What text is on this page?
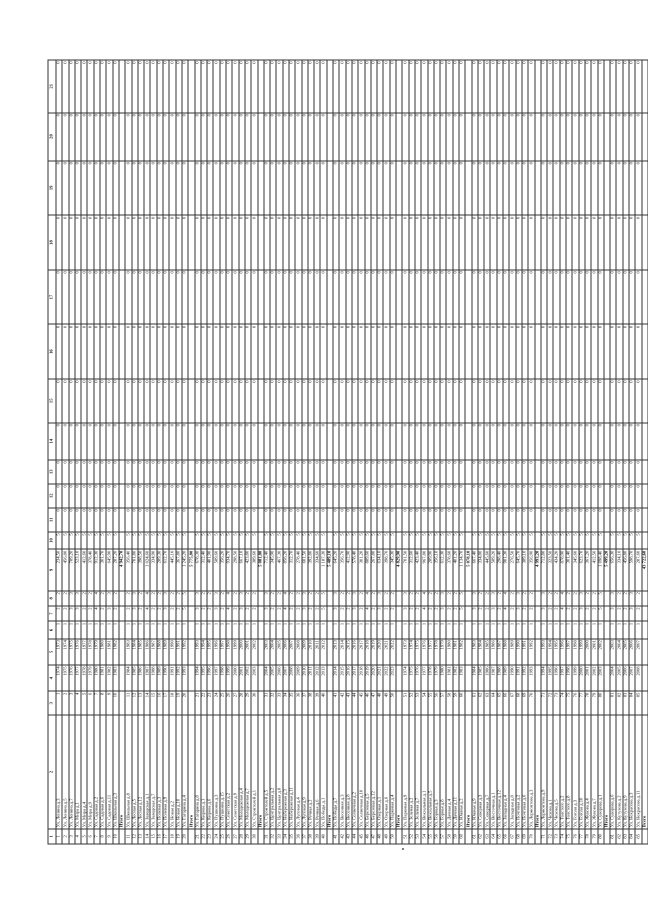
1	2	3	4	5	6	7	8	9	10	11	12	13	14	15	16	17	18	19	20	21
1	Ул. Ленина д.3	1	1974	1973	1	2	2	234,50	5	0	0	0	0	0	0	0	0	0	0	0
2	Ул. Ленина д.5	2	1975	1974	1	2	2	456,80	5	0	0	0	0	0	0	0	0	0	0	0
3	Ул. Ленина д.7	3	1976	1975	1	3	3	789,20	5	0	0	0	0	0	0	0	0	0	0	0
4	Ул. Мира д.1	4	1977	1976	1	3	3	523,10	5	0	0	0	0	0	0	0	0	0	0	0
5	Ул. Мира д.4	5	1978	1977	1	2	2	412,60	5	0	0	0	0	0	0	0	0	0	0	0
6	Ул. Мира д.9	6	1979	1978	1	2	2	378,40	5	0	0	0	0	0	0	0	0	0	0	0
7	Ул. Садовая д.2	7	1980	1979	1	4	4	912,30	5	0	0	0	0	0	0	0	0	0	0	0
8	Ул. Садовая д.6	8	1981	1980	1	2	2	301,70	5	0	0	0	0	0	0	0	0	0	0	0
9	Ул. Садовая д.11	9	1982	1981	1	3	3	645,90	5	0	0	0	0	0	0	0	0	0	0	0
10	Ул. Школьная д.3	10	1983	1982	1	2	2	287,20	5	0	0	0	0	0	0	0	0	0	0	0
	Итого							4 942,70												
11	Ул. Школьная д.8	11	1984	1983	1	2	2	356,40	5	0	0	0	0	0	0	0	0	0	0	0
12	Ул. Лесная д.5	12	1985	1984	1	3	3	701,80	5	0	0	0	0	0	0	0	0	0	0	0
13	Ул. Лесная д.12	13	1986	1985	1	2	2	398,50	5	0	0	0	0	0	0	0	0	0	0	0
14	Ул. Заводская д.1	14	1987	1986	1	4	4	1 024,60	5	0	0	0	0	0	0	0	0	0	0	0
15	Ул. Заводская д.7	15	1988	1987	1	2	2	334,90	5	0	0	0	0	0	0	0	0	0	0	0
16	Ул. Полевая д.3	16	1989	1988	1	2	2	289,30	5	0	0	0	0	0	0	0	0	0	0	0
17	Ул. Полевая д.9	17	1990	1989	1	3	3	612,70	5	0	0	0	0	0	0	0	0	0	0	0
18	Ул. Новая д.2	18	1991	1990	1	2	2	445,10	5	0	0	0	0	0	0	0	0	0	0	0
19	Ул. Новая д.10	19	1992	1991	1	2	2	367,80	5	0	0	0	0	0	0	0	0	0	0	0
20	Ул. Гагарина д.4	20	1993	1992	1	5	5	1 245,20	5	0	0	0	0	0	0	0	0	0	0	0
	Итого							5 775,80												
21	Ул. Гагарина д.8	21	1994	1993	1	3	3	678,30	5	0	0	0	0	0	0	0	0	0	0	0
22	Ул. Кирова д.1	22	1995	1994	1	2	2	312,40	5	0	0	0	0	0	0	0	0	0	0	0
23	Ул. Кирова д.6	23	1996	1995	1	2	2	401,90	5	0	0	0	0	0	0	0	0	0	0	0
24	Ул. Пушкина д.3	24	1997	1996	1	3	3	589,60	5	0	0	0	0	0	0	0	0	0	0	0
25	Ул. Пушкина д.15	25	1998	1997	1	2	2	356,20	5	0	0	0	0	0	0	0	0	0	0	0
26	Ул. Советская д.2	26	1999	1998	1	4	4	934,70	5	0	0	0	0	0	0	0	0	0	0	0
27	Ул. Советская д.9	27	2000	1999	1	2	2	298,50	5	0	0	0	0	0	0	0	0	0	0	0
28	Ул. Молодежная д.4	28	2001	2000	1	3	3	667,10	5	0	0	0	0	0	0	0	0	0	0	0
29	Ул. Молодежная д.7	29	2002	2001	1	2	2	423,80	5	0	0	0	0	0	0	0	0	0	0	0
30	Ул. Строителей д.1	30	2003	2002	1	2	2	389,60	5	0	0	0	0	0	0	0	0	0	0	0
	Итого							5 081,80												
31	Ул. Строителей д.5	31	2004	2003	1	3	3	712,40	5	0	0	0	0	0	0	0	0	0	0	0
32	Ул. Центральная д.2	32	2005	2004	1	2	2	345,90	5	0	0	0	0	0	0	0	0	0	0	0
33	Ул. Центральная д.8	33	2006	2005	1	2	2	467,30	5	0	0	0	0	0	0	0	0	0	0	0
34	Ул. Набережная д.3	34	2007	2006	1	4	4	856,20	5	0	0	0	0	0	0	0	0	0	0	0
35	Ул. Набережная д.11	35	2008	2007	1	2	2	312,70	5	0	0	0	0	0	0	0	0	0	0	0
36	Ул. Луговая д.4	36	2009	2008	1	2	2	278,40	5	0	0	0	0	0	0	0	0	0	0	0
37	Ул. Луговая д.9	37	2010	2009	1	3	3	601,50	5	0	0	0	0	0	0	0	0	0	0	0
38	Ул. Речная д.2	38	2011	2010	1	2	2	392,80	5	0	0	0	0	0	0	0	0	0	0	0
39	Ул. Речная д.6	39	2012	2011	1	2	2	334,60	5	0	0	0	0	0	0	0	0	0	0	0
40	Ул. Победы д.1	40	2013	2012	1	5	5	1 187,30	5	0	0	0	0	0	0	0	0	0	0	0
	Итого							5 489,10												
41	Ул. Победы д.7	41	2014	2013	1	3	3	645,20	5	0	0	0	0	0	0	0	0	0	0	0
42	Ул. Весенняя д.3	42	2015	2014	1	2	2	356,70	5	0	0	0	0	0	0	0	0	0	0	0
43	Ул. Весенняя д.8	43	2016	2015	1	2	2	412,90	5	0	0	0	0	0	0	0	0	0	0	0
44	Ул. Солнечная д.2	44	2017	2016	1	3	3	578,40	5	0	0	0	0	0	0	0	0	0	0	0
45	Ул. Солнечная д.10	45	2018	2017	1	2	2	301,20	5	0	0	0	0	0	0	0	0	0	0	0
46	Ул. Березовая д.5	46	2019	2018	1	4	4	889,60	5	0	0	0	0	0	0	0	0	0	0	0
47	Ул. Березовая д.12	47	2020	2019	1	2	2	267,80	5	0	0	0	0	0	0	0	0	0	0	0
48	Ул. Озерная д.1	48	2021	2020	1	3	3	634,10	5	0	0	0	0	0	0	0	0	0	0	0
49	Ул. Озерная д.6	49	2022	2021	1	2	2	398,70	5	0	0	0	0	0	0	0	0	0	0	0
50	Ул. Парковая д.4	50	2023	2022	1	2	2	345,30	5	0	0	0	0	0	0	0	0	0	0	0
	Итого							4 829,90												
51	Ул. Парковая д.9	51	1974	1973	1	3	3	701,50	5	0	0	0	0	0	0	0	0	0	0	0
52	Ул. Зеленая д.2	52	1975	1974	1	2	2	312,60	5	0	0	0	0	0	0	0	0	0	0	0
53	Ул. Зеленая д.7	53	1976	1975	1	2	2	423,40	5	0	0	0	0	0	0	0	0	0	0	0
54	Ул. Вокзальная д.1	54	1977	1976	1	4	4	967,80	5	0	0	0	0	0	0	0	0	0	0	0
55	Ул. Вокзальная д.5	55	1978	1977	1	2	2	289,90	5	0	0	0	0	0	0	0	0	0	0	0
56	Ул. Горная д.3	56	1979	1978	1	2	2	356,10	5	0	0	0	0	0	0	0	0	0	0	0
57	Ул. Горная д.8	57	1980	1979	1	3	3	612,30	5	0	0	0	0	0	0	0	0	0	0	0
58	Ул. Дачная д.4	58	1981	1980	1	2	2	378,60	5	0	0	0	0	0	0	0	0	0	0	0
59	Ул. Дачная д.11	59	1982	1981	1	2	2	401,20	5	0	0	0	0	0	0	0	0	0	0	0
60	Ул. Южная д.2	60	1983	1982	1	5	5	1 134,70	5	0	0	0	0	0	0	0	0	0	0	0
	Итого							5 078,10												
61	Ул. Южная д.9	61	1984	1983	1	3	3	667,40	5	0	0	0	0	0	0	0	0	0	0	0
62	Ул. Северная д.3	62	1985	1984	1	2	2	334,80	5	0	0	0	0	0	0	0	0	0	0	0
63	Ул. Северная д.7	63	1986	1985	1	2	2	445,60	5	0	0	0	0	0	0	0	0	0	0	0
64	Ул. Восточная д.1	64	1987	1986	1	3	3	589,20	5	0	0	0	0	0	0	0	0	0	0	0
65	Ул. Восточная д.12	65	1988	1987	1	2	2	298,40	5	0	0	0	0	0	0	0	0	0	0	0
66	Ул. Западная д.4	66	1989	1988	1	4	4	901,30	5	0	0	0	0	0	0	0	0	0	0	0
67	Ул. Западная д.8	67	1990	1989	1	2	2	276,50	5	0	0	0	0	0	0	0	0	0	0	0
68	Ул. Почтовая д.2	68	1991	1990	1	3	3	645,70	5	0	0	0	0	0	0	0	0	0	0	0
69	Ул. Почтовая д.6	69	1992	1991	1	2	2	389,10	5	0	0	0	0	0	0	0	0	0	0	0
70	Ул. Лермонтова д.3	70	1993	1992	1	2	2	356,90	5	0	0	0	0	0	0	0	0	0	0	0
	Итого							4 993,20												
71	Ул. Лермонтова д.9	71	1994	1993	1	3	3	712,80	5	0	0	0	0	0	0	0	0	0	0	0
72	Ул. Чехова д.1	72	1995	1994	1	2	2	323,50	5	0	0	0	0	0	0	0	0	0	0	0
73	Ул. Чехова д.5	73	1996	1995	1	2	2	434,20	5	0	0	0	0	0	0	0	0	0	0	0
74	Ул. Толстого д.2	74	1997	1996	1	4	4	878,90	5	0	0	0	0	0	0	0	0	0	0	0
75	Ул. Толстого д.8	75	1998	1997	1	2	2	301,40	5	0	0	0	0	0	0	0	0	0	0	0
76	Ул. Гоголя д.3	76	1999	1998	1	2	2	345,60	5	0	0	0	0	0	0	0	0	0	0	0
77	Ул. Гоголя д.10	77	2000	1999	1	3	3	623,70	5	0	0	0	0	0	0	0	0	0	0	0
78	Ул. Жукова д.4	78	2001	2000	1	2	2	367,20	5	0	0	0	0	0	0	0	0	0	0	0
79	Ул. Жукова д.7	79	2002	2001	1	2	2	412,50	5	0	0	0	0	0	0	0	0	0	0	0
80	Ул. Суворова д.1	80	2003	2002	1	5	5	1 098,40	5	0	0	0	0	0	0	0	0	0	0	0
	Итого							5 499,20												
81	Ул. Суворова д.6	81	2004	2003	1	3	3	656,30	5	0	0	0	0	0	0	0	0	0	0	0
82	Ул. Кутузова д.2	82	2005	2004	1	2	2	334,10	5	0	0	0	0	0	0	0	0	0	0	0
83	Ул. Кутузова д.9	83	2006	2005	1	2	2	456,80	5	0	0	0	0	0	0	0	0	0	0	0
84	Ул. Некрасова д.3	84	2007	2006	1	3	3	598,70	5	0	0	0	0	0	0	0	0	0	0	0
85	Ул. Некрасова д.11	85	2008	2007	1	2	2	287,60	5	0	0	0	0	0	0	0	0	0	0	0
	Всего							43 722,60												
